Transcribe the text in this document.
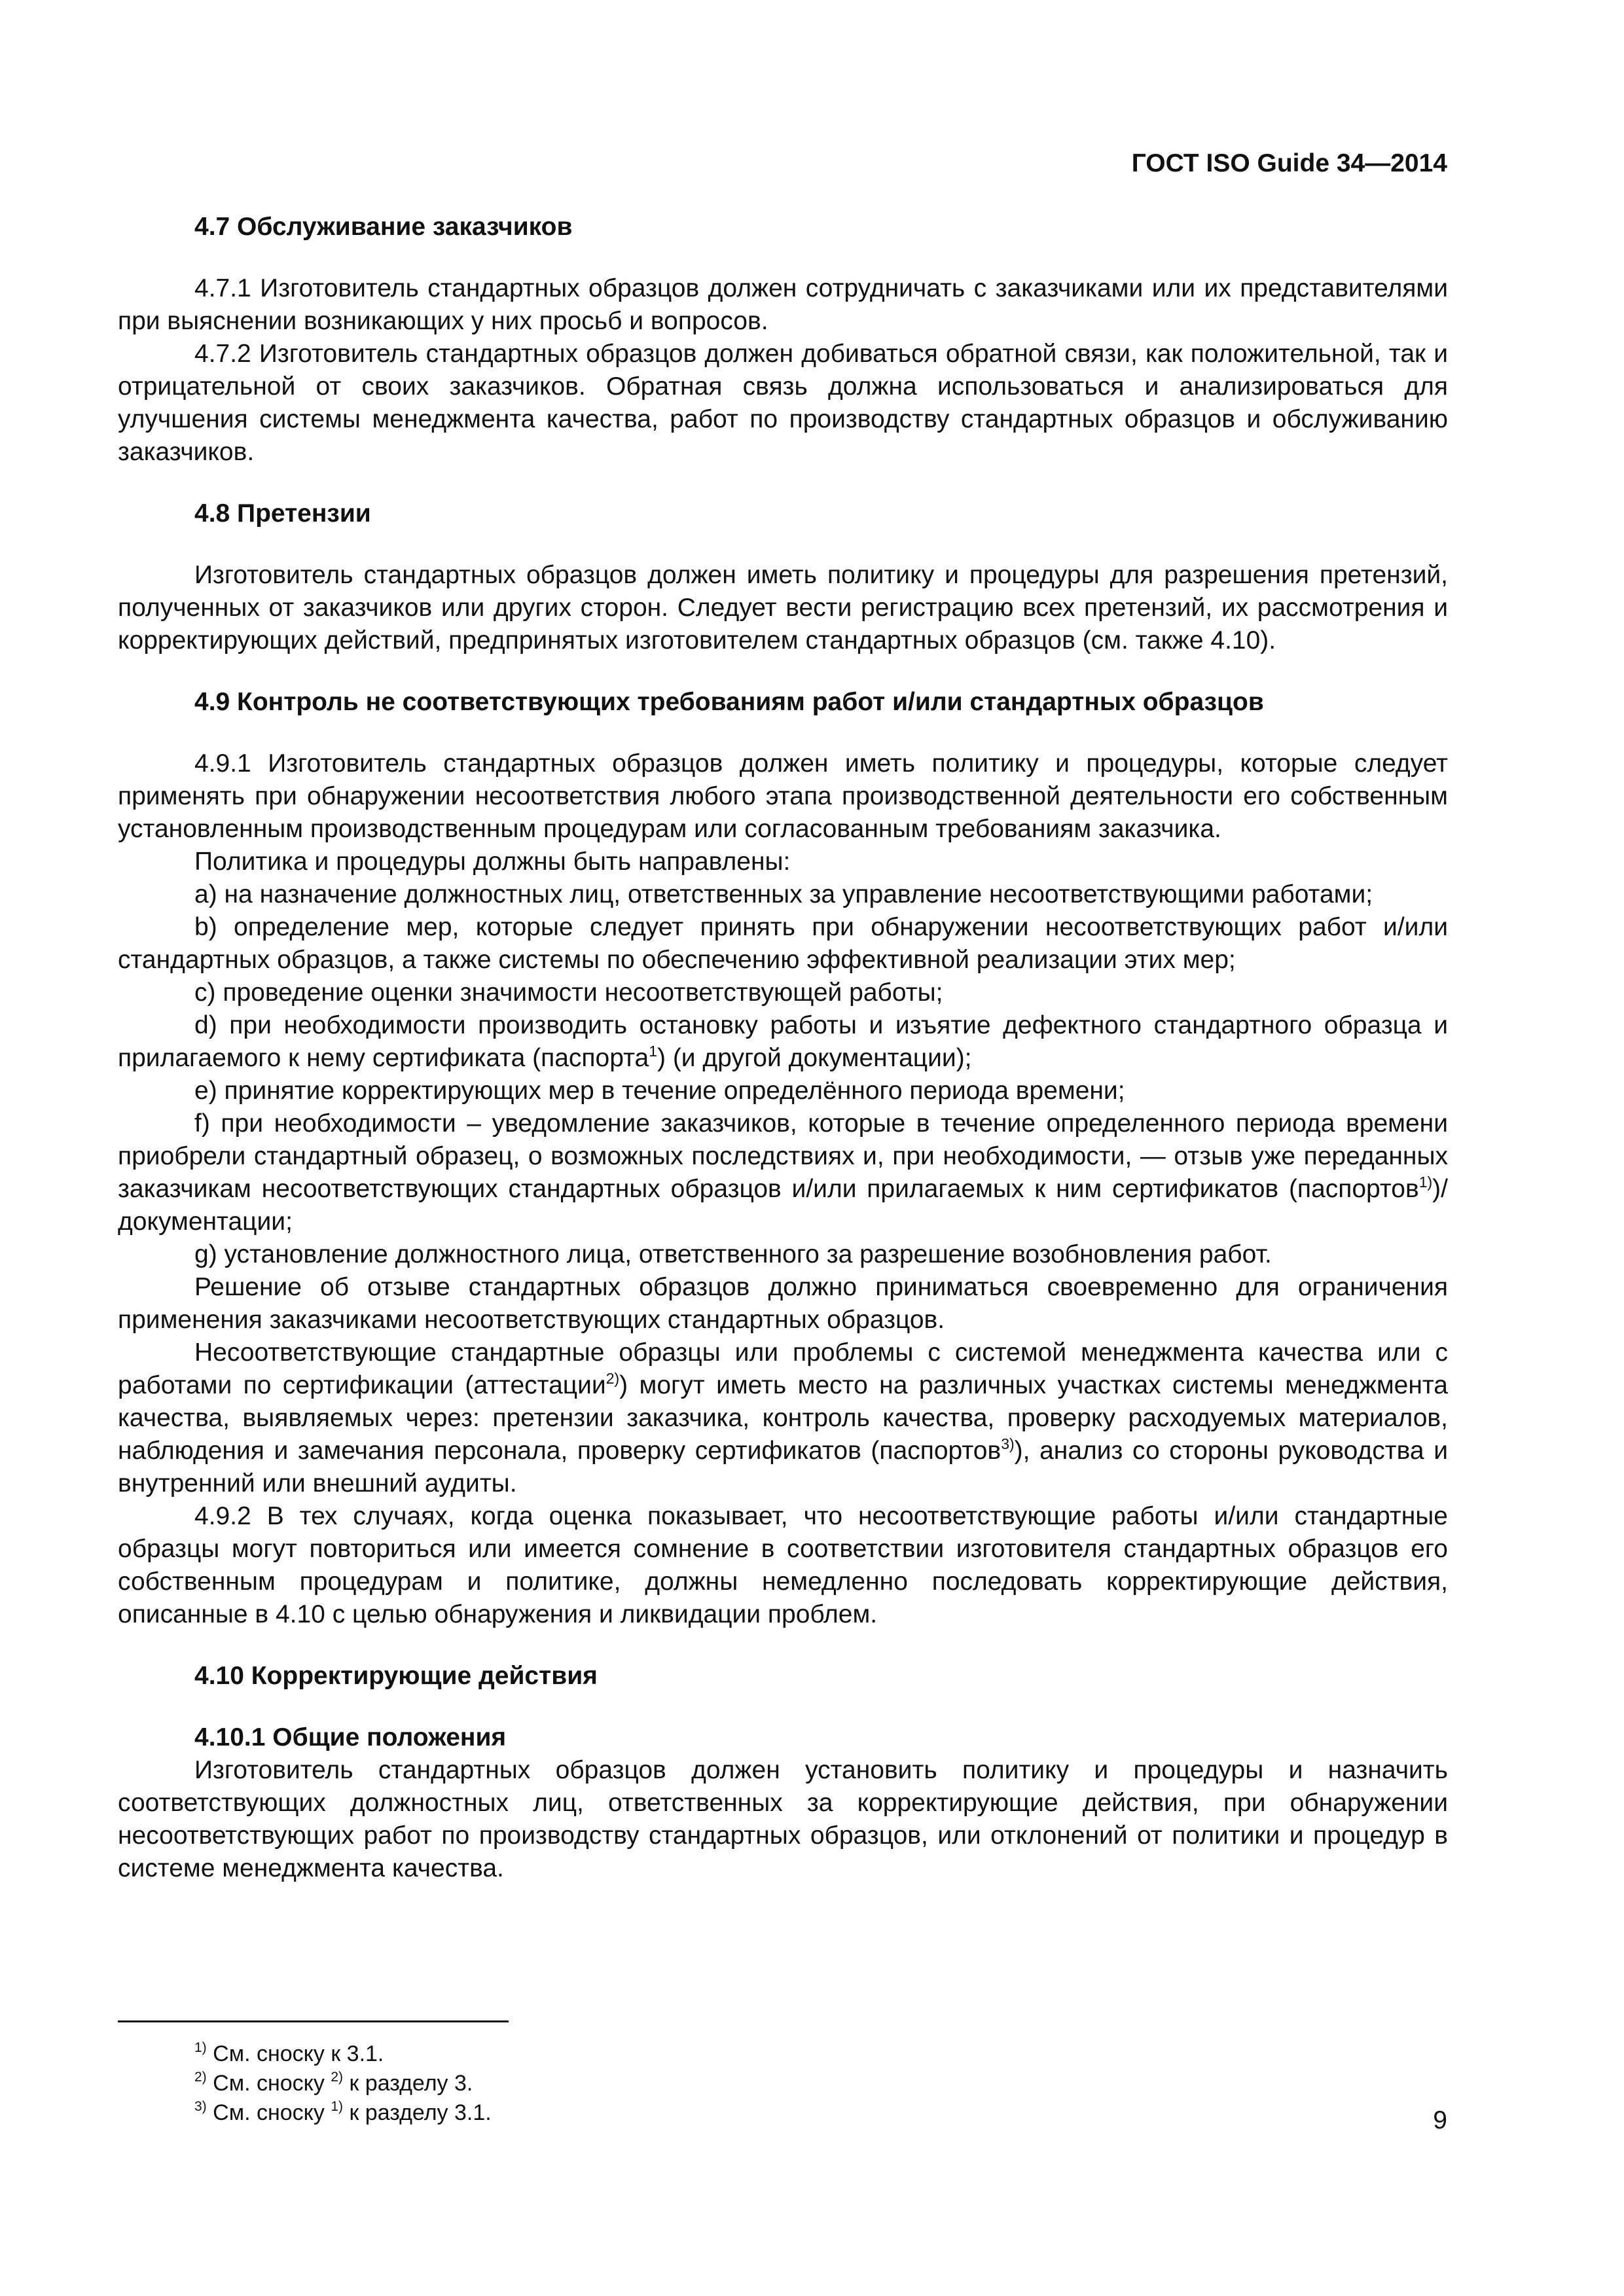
ГОСТ ISO Guide 34—2014
4.7 Обслуживание заказчиков

4.7.1 Изготовитель стандартных образцов должен сотрудничать с заказчиками или их представителями при выяснении возникающих у них просьб и вопросов.

4.7.2 Изготовитель стандартных образцов должен добиваться обратной связи, как положительной, так и отрицательной от своих заказчиков. Обратная связь должна использоваться и анализироваться для улучшения системы менеджмента качества, работ по производству стандартных образцов и обслуживанию заказчиков.

4.8 Претензии

Изготовитель стандартных образцов должен иметь политику и процедуры для разрешения претензий, полученных от заказчиков или других сторон. Следует вести регистрацию всех претензий, их рассмотрения и корректирующих действий, предпринятых изготовителем стандартных образцов (см. также 4.10).

4.9 Контроль не соответствующих требованиям работ и/или стандартных образцов

4.9.1 Изготовитель стандартных образцов должен иметь политику и процедуры, которые следует применять при обнаружении несоответствия любого этапа производственной деятельности его собственным установленным производственным процедурам или согласованным требованиям заказчика.

Политика и процедуры должны быть направлены:

a) на назначение должностных лиц, ответственных за управление несоответствующими работами;

b) определение мер, которые следует принять при обнаружении несоответствующих работ и/или стандартных образцов, а также системы по обеспечению эффективной реализации этих мер;

c) проведение оценки значимости несоответствующей работы;

d) при необходимости производить остановку работы и изъятие дефектного стандартного образца и прилагаемого к нему сертификата (паспорта$^1$) (и другой документации);

e) принятие корректирующих мер в течение определённого периода времени;

f) при необходимости – уведомление заказчиков, которые в течение определенного периода времени приобрели стандартный образец, о возможных последствиях и, при необходимости, — отзыв уже переданных заказчикам несоответствующих стандартных образцов и/или прилагаемых к ним сертификатов (паспортов$^{1)}$)/документации;

g) установление должностного лица, ответственного за разрешение возобновления работ.

Решение об отзыве стандартных образцов должно приниматься своевременно для ограничения применения заказчиками несоответствующих стандартных образцов.

Несоответствующие стандартные образцы или проблемы с системой менеджмента качества или с работами по сертификации (аттестации$^{2)}$) могут иметь место на различных участках системы менеджмента качества, выявляемых через: претензии заказчика, контроль качества, проверку расходуемых материалов, наблюдения и замечания персонала, проверку сертификатов (паспортов$^{3)}$), анализ со стороны руководства и внутренний или внешний аудиты.

4.9.2 В тех случаях, когда оценка показывает, что несоответствующие работы и/или стандартные образцы могут повториться или имеется сомнение в соответствии изготовителя стандартных образцов его собственным процедурам и политике, должны немедленно последовать корректирующие действия, описанные в 4.10 с целью обнаружения и ликвидации проблем.

4.10 Корректирующие действия
4.10.1 Общие положения

Изготовитель стандартных образцов должен установить политику и процедуры и назначить соответствующих должностных лиц, ответственных за корректирующие действия, при обнаружении несоответствующих работ по производству стандартных образцов, или отклонений от политики и процедур в системе менеджмента качества.

$^{1)}$ См. сноску к 3.1.
$^{2)}$ См. сноску $^{2)}$ к разделу 3.
$^{3)}$ См. сноску $^{1)}$ к разделу 3.1.	9
